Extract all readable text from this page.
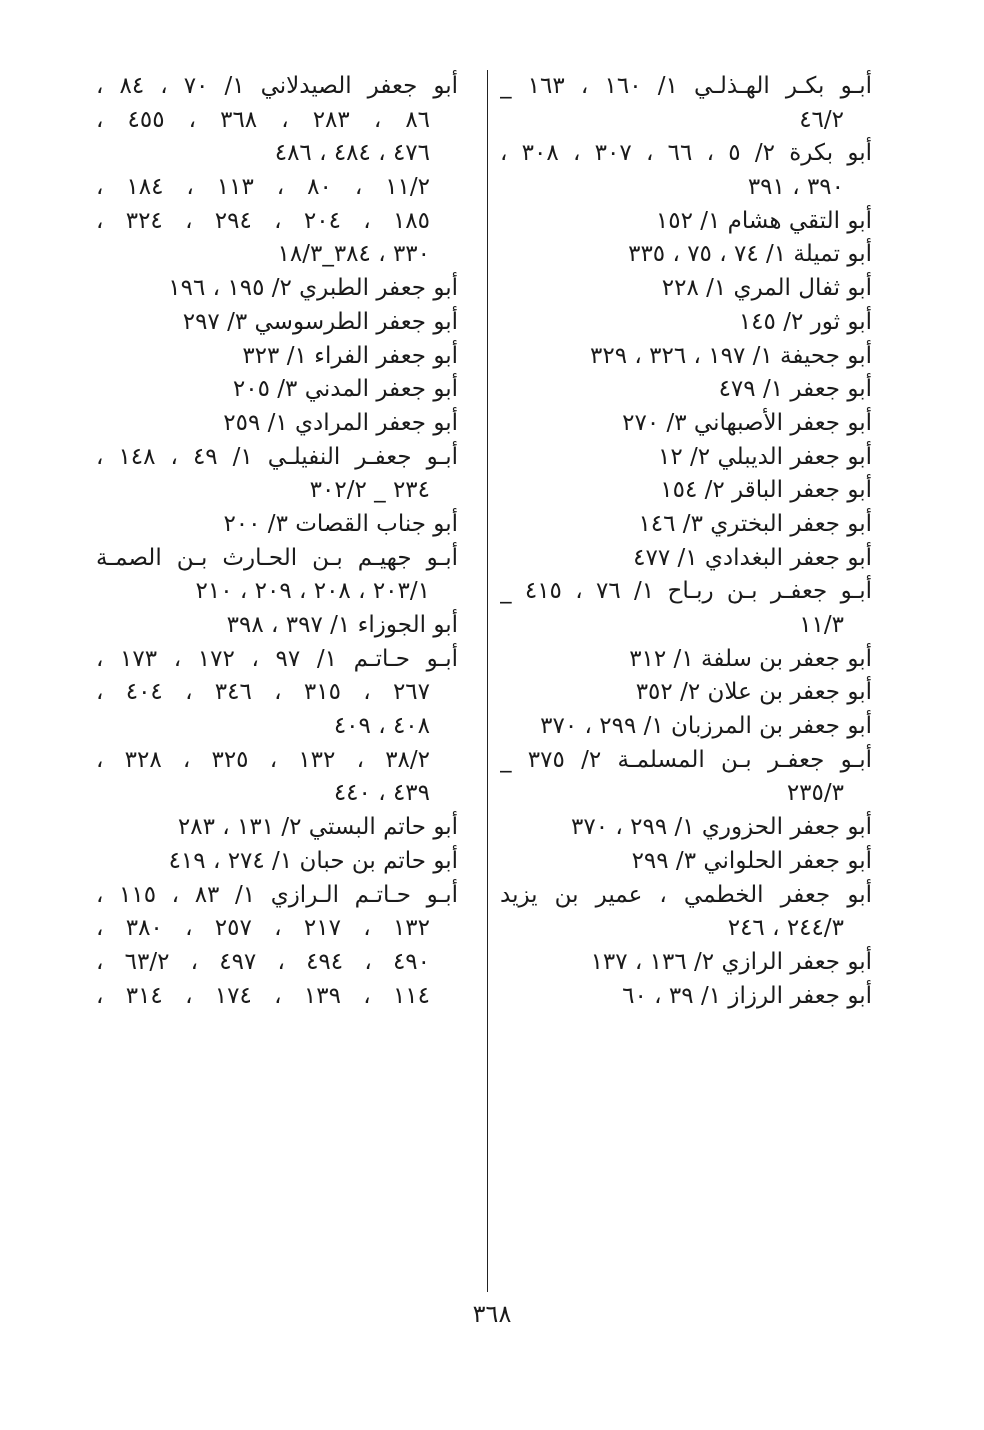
أبـو بكـر الهـذلـي ١/ ١٦٠ ، ١٦٣ _
٤٦/٢
أبو بكرة ٢/ ٥ ، ٦٦ ، ٣٠٧ ، ٣٠٨ ،
٣٩٠ ، ٣٩١
أبو التقي هشام ١/ ١٥٢
أبو تميلة ١/ ٧٤ ، ٧٥ ، ٣٣٥
أبو ثفال المري ١/ ٢٢٨
أبو ثور ٢/ ١٤٥
أبو جحيفة ١/ ١٩٧ ، ٣٢٦ ، ٣٢٩
أبو جعفر ١/ ٤٧٩
أبو جعفر الأصبهاني ٣/ ٢٧٠
أبو جعفر الديبلي ٢/ ١٢
أبو جعفر الباقر ٢/ ١٥٤
أبو جعفر البختري ٣/ ١٤٦
أبو جعفر البغدادي ١/ ٤٧٧
أبـو جعفـر بـن ربـاح ١/ ٧٦ ، ٤١٥ _
١١/٣
أبو جعفر بن سلفة ١/ ٣١٢
أبو جعفر بن علان ٢/ ٣٥٢
أبو جعفر بن المرزبان ١/ ٢٩٩ ، ٣٧٠
أبـو جعفـر بـن المسلمـة ٢/ ٣٧٥ _
٢٣٥/٣
أبو جعفر الحزوري ١/ ٢٩٩ ، ٣٧٠
أبو جعفر الحلواني ٣/ ٢٩٩
أبو جعفر الخطمي ، عمير بن يزيد
٢٤٤/٣ ، ٢٤٦
أبو جعفر الرازي ٢/ ١٣٦ ، ١٣٧
أبو جعفر الرزاز ١/ ٣٩ ، ٦٠
أبو جعفر الصيدلاني ١/ ٧٠ ، ٨٤ ،
٨٦ ، ٢٨٣ ، ٣٦٨ ، ٤٥٥ ،
٤٧٦ ، ٤٨٤ ، ٤٨٦
١١/٢ ، ٨٠ ، ١١٣ ، ١٨٤ ،
١٨٥ ، ٢٠٤ ، ٢٩٤ ، ٣٢٤ ،
٣٣٠ ، ٣٨٤_١٨/٣
أبو جعفر الطبري ٢/ ١٩٥ ، ١٩٦
أبو جعفر الطرسوسي ٣/ ٢٩٧
أبو جعفر الفراء ١/ ٣٢٣
أبو جعفر المدني ٣/ ٢٠٥
أبو جعفر المرادي ١/ ٢٥٩
أبـو جعفـر النفيلـي ١/ ٤٩ ، ١٤٨ ،
٢٣٤ _ ٣٠٢/٢
أبو جناب القصات ٣/ ٢٠٠
أبـو جهيـم بـن الحـارث بـن الصمـة
٢٠٣/١ ، ٢٠٨ ، ٢٠٩ ، ٢١٠
أبو الجوزاء ١/ ٣٩٧ ، ٣٩٨
أبـو حـاتـم ١/ ٩٧ ، ١٧٢ ، ١٧٣ ،
٢٦٧ ، ٣١٥ ، ٣٤٦ ، ٤٠٤ ،
٤٠٨ ، ٤٠٩
٣٨/٢ ، ١٣٢ ، ٣٢٥ ، ٣٢٨ ،
٤٣٩ ، ٤٤٠
أبو حاتم البستي ٢/ ١٣١ ، ٢٨٣
أبو حاتم بن حبان ١/ ٢٧٤ ، ٤١٩
أبـو حـاتـم الـرازي ١/ ٨٣ ، ١١٥ ،
١٣٢ ، ٢١٧ ، ٢٥٧ ، ٣٨٠ ،
٤٩٠ ، ٤٩٤ ، ٤٩٧ ، ٦٣/٢ ،
١١٤ ، ١٣٩ ، ١٧٤ ، ٣١٤ ،
٣٦٨
